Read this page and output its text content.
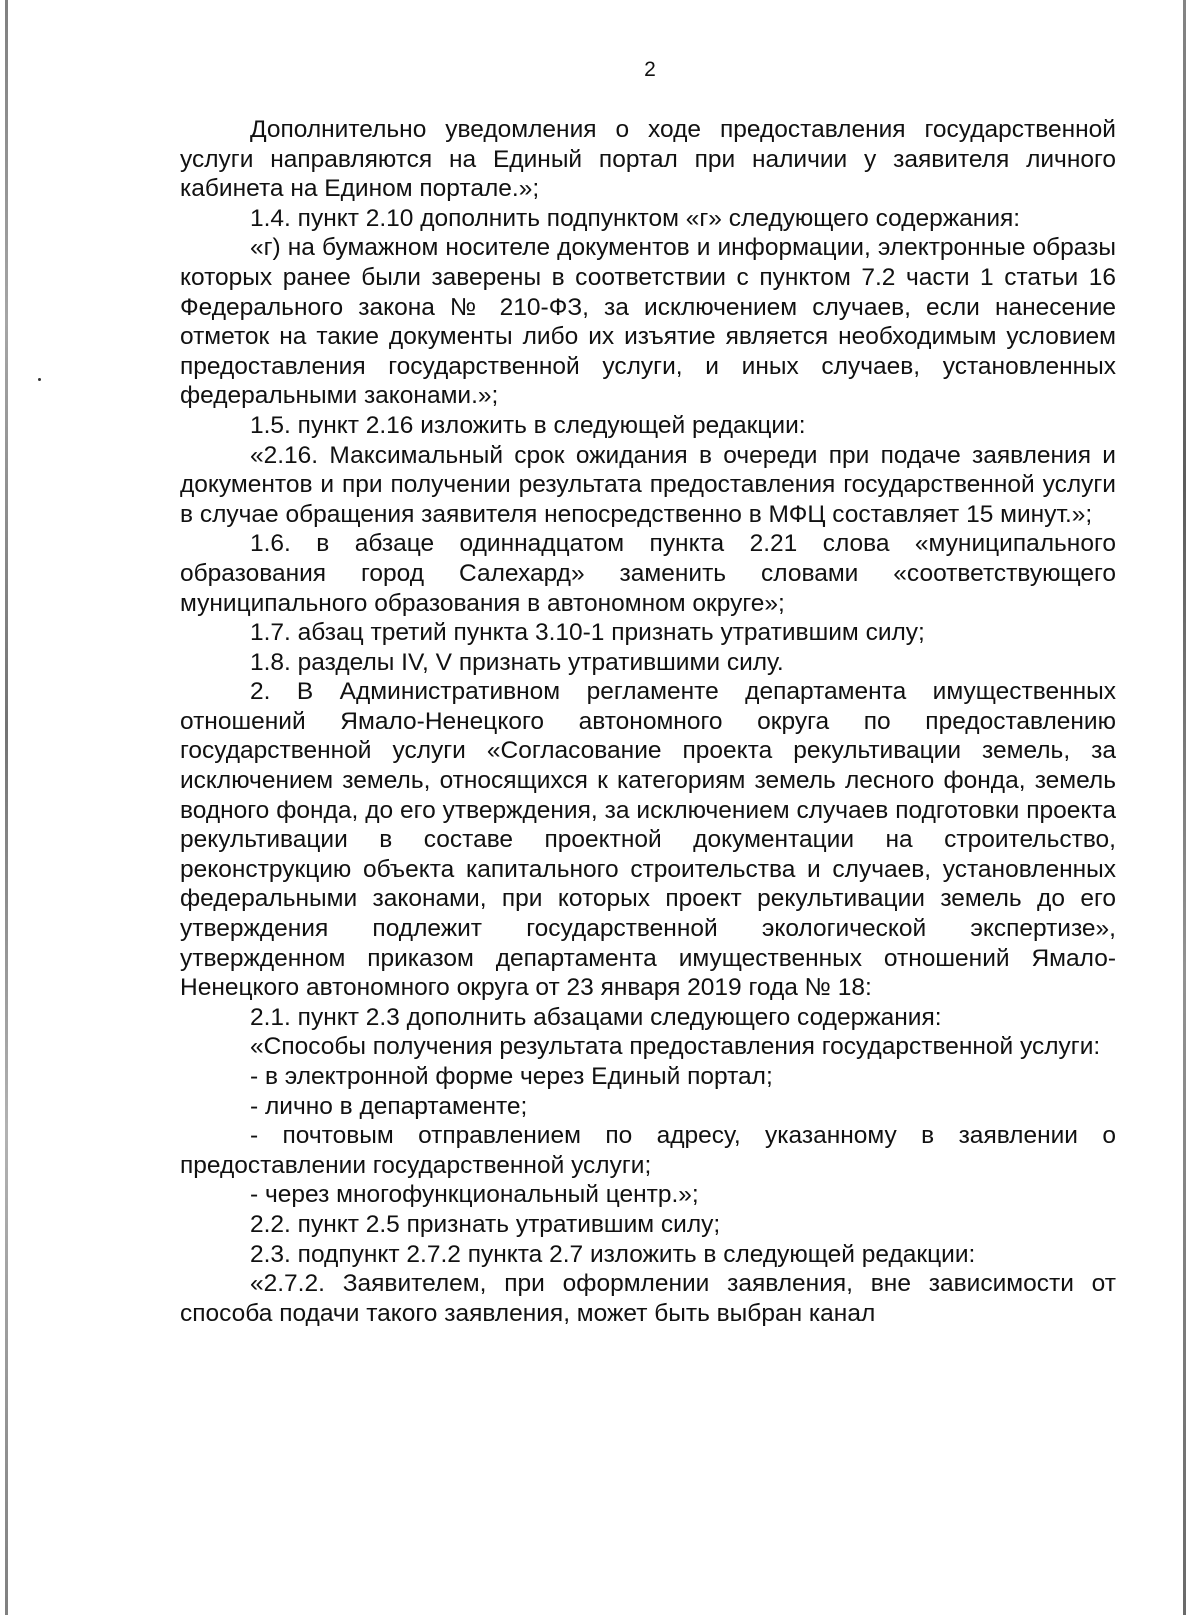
2

Дополнительно уведомления о ходе предоставления государственной услуги направляются на Единый портал при наличии у заявителя личного кабинета на Едином портале.»;

1.4. пункт 2.10 дополнить подпунктом «г» следующего содержания:

«г) на бумажном носителе документов и информации, электронные образы которых ранее были заверены в соответствии с пунктом 7.2 части 1 статьи 16 Федерального закона № 210-ФЗ, за исключением случаев, если нанесение отметок на такие документы либо их изъятие является необходимым условием предоставления государственной услуги, и иных случаев, установленных федеральными законами.»;

1.5. пункт 2.16 изложить в следующей редакции:

«2.16. Максимальный срок ожидания в очереди при подаче заявления и документов и при получении результата предоставления государственной услуги в случае обращения заявителя непосредственно в МФЦ составляет 15 минут.»;

1.6. в абзаце одиннадцатом пункта 2.21 слова «муниципального образования город Салехард» заменить словами «соответствующего муниципального образования в автономном округе»;

1.7. абзац третий пункта 3.10-1 признать утратившим силу;

1.8. разделы IV, V признать утратившими силу.

2. В Административном регламенте департамента имущественных отношений Ямало-Ненецкого автономного округа по предоставлению государственной услуги «Согласование проекта рекультивации земель, за исключением земель, относящихся к категориям земель лесного фонда, земель водного фонда, до его утверждения, за исключением случаев подготовки проекта рекультивации в составе проектной документации на строительство, реконструкцию объекта капитального строительства и случаев, установленных федеральными законами, при которых проект рекультивации земель до его утверждения подлежит государственной экологической экспертизе», утвержденном приказом департамента имущественных отношений Ямало-Ненецкого автономного округа от 23 января 2019 года № 18:

2.1. пункт 2.3 дополнить абзацами следующего содержания:

«Способы получения результата предоставления государственной услуги:

- в электронной форме через Единый портал;

- лично в департаменте;

- почтовым отправлением по адресу, указанному в заявлении о предоставлении государственной услуги;

- через многофункциональный центр.»;

2.2. пункт 2.5 признать утратившим силу;

2.3. подпункт 2.7.2 пункта 2.7 изложить в следующей редакции:

«2.7.2. Заявителем, при оформлении заявления, вне зависимости от способа подачи такого заявления, может быть выбран канал
